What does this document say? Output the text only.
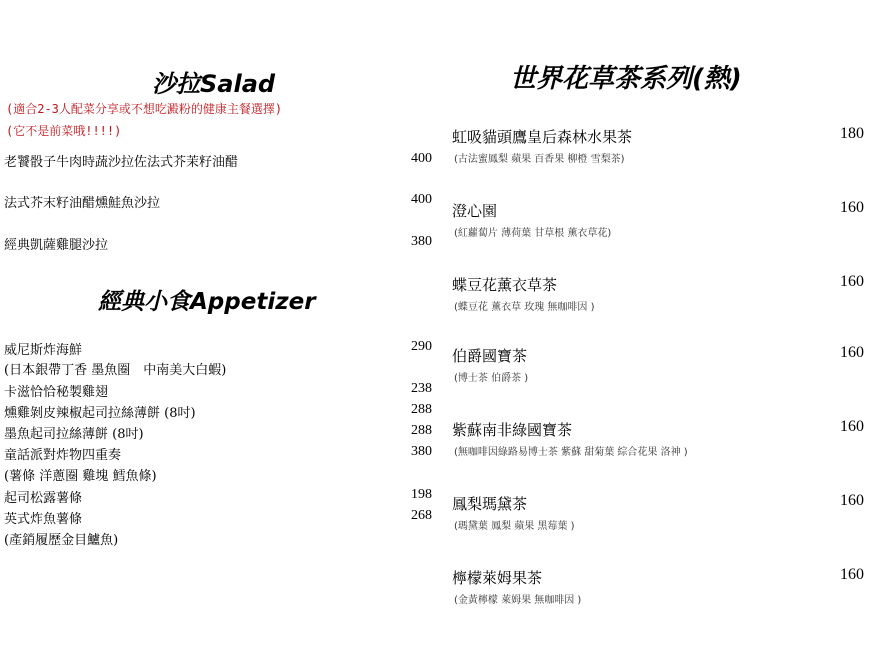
沙拉Salad
(適合2-3人配菜分享或不想吃澱粉的健康主餐選擇)
(它不是前菜哦!!!!)
老饕骰子牛肉時蔬沙拉佐法式芥茉籽油醋	400
法式芥末籽油醋燻鮭魚沙拉	400
經典凱薩雞腿沙拉	380
經典小食Appetizer
威尼斯炸海鮮	290
(日本銀帶丁香 墨魚圈　中南美大白蝦)
卡滋恰恰秘製雞翅	238
燻雞剝皮辣椒起司拉絲薄餅 (8吋)	288
墨魚起司拉絲薄餅 (8吋)	288
童話派對炸物四重奏	380
(薯條 洋蔥圈 雞塊 鱈魚條)
起司松露薯條	198
英式炸魚薯條	268
(產銷履歷金目鱸魚)
世界花草茶系列(熱)
虹吸貓頭鷹皇后森林水果茶	180
(古法蜜鳳梨 蘋果 百香果 柳橙 雪梨茶)
澄心園	160
(紅蘿蔔片 薄荷葉 甘草根 薰衣草花)
蝶豆花薰衣草茶	160
(蝶豆花 薰衣草 玫瑰 無咖啡因 )
伯爵國寶茶	160
(博士茶 伯爵茶 )
紫蘇南非綠國寶茶	160
(無咖啡因綠路易博士茶 紫蘇 甜菊葉 綜合花果 洛神 )
鳳梨瑪黛茶	160
(瑪黛葉 鳳梨 蘋果 黑莓葉 )
檸檬萊姆果茶	160
(金黃檸檬 萊姆果 無咖啡因 )
